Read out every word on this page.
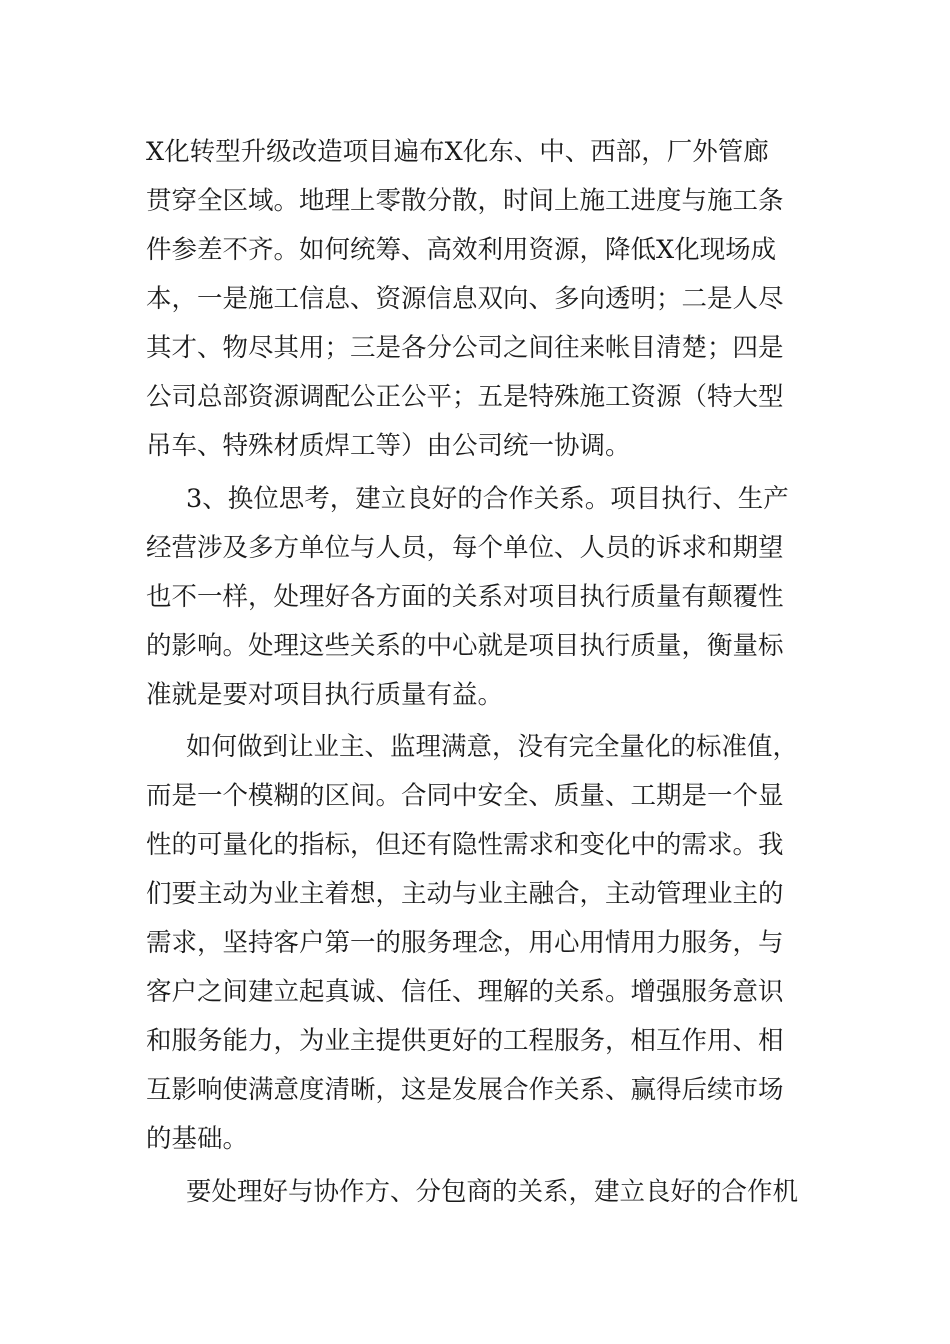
X化转型升级改造项目遍布X化东、中、西部，厂外管廊
贯穿全区域。地理上零散分散，时间上施工进度与施工条
件参差不齐。如何统筹、高效利用资源，降低X化现场成
本，一是施工信息、资源信息双向、多向透明；二是人尽
其才、物尽其用；三是各分公司之间往来帐目清楚；四是
公司总部资源调配公正公平；五是特殊施工资源（特大型
吊车、特殊材质焊工等）由公司统一协调。
3、换位思考，建立良好的合作关系。项目执行、生产
经营涉及多方单位与人员，每个单位、人员的诉求和期望
也不一样，处理好各方面的关系对项目执行质量有颠覆性
的影响。处理这些关系的中心就是项目执行质量，衡量标
准就是要对项目执行质量有益。
如何做到让业主、监理满意，没有完全量化的标准值，
而是一个模糊的区间。合同中安全、质量、工期是一个显
性的可量化的指标，但还有隐性需求和变化中的需求。我
们要主动为业主着想，主动与业主融合，主动管理业主的
需求，坚持客户第一的服务理念，用心用情用力服务，与
客户之间建立起真诚、信任、理解的关系。增强服务意识
和服务能力，为业主提供更好的工程服务，相互作用、相
互影响使满意度清晰，这是发展合作关系、赢得后续市场
的基础。
要处理好与协作方、分包商的关系，建立良好的合作机
